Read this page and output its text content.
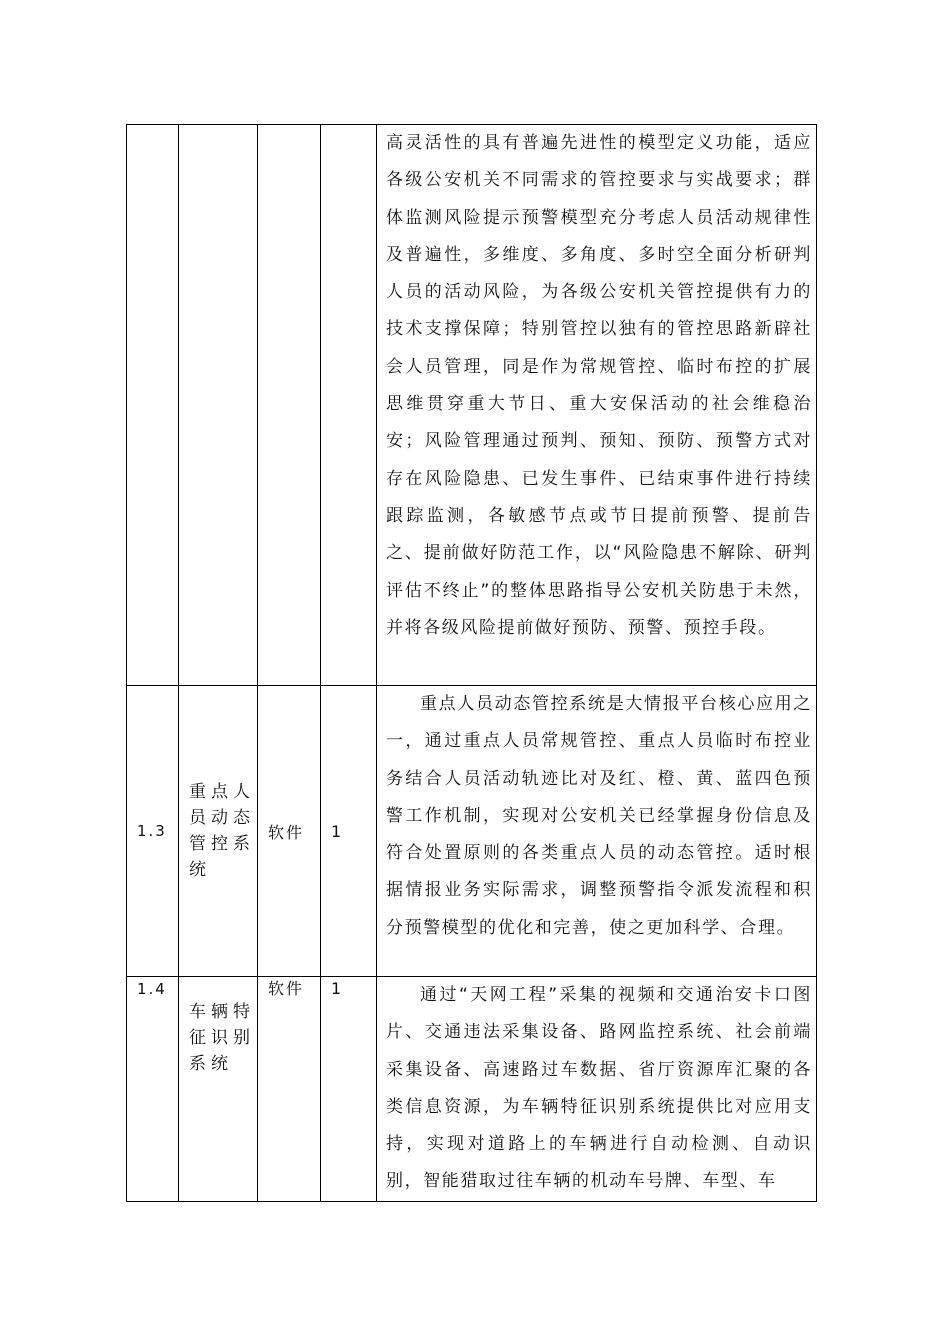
				高灵活性的具有普遍先进性的模型定义功能，适应各级公安机关不同需求的管控要求与实战要求；群体监测风险提示预警模型充分考虑人员活动规律性及普遍性，多维度、多角度、多时空全面分析研判人员的活动风险，为各级公安机关管控提供有力的技术支撑保障；特别管控以独有的管控思路新辟社会人员管理，同是作为常规管控、临时布控的扩展思维贯穿重大节日、重大安保活动的社会维稳治安；风险管理通过预判、预知、预防、预警方式对存在风险隐患、已发生事件、已结束事件进行持续跟踪监测，各敏感节点或节日提前预警、提前告之、提前做好防范工作，以“风险隐患不解除、研判评估不终止”的整体思路指导公安机关防患于未然，并将各级风险提前做好预防、预警、预控手段。

1.3	重点人员动态管控系统	软件	1	重点人员动态管控系统是大情报平台核心应用之一，通过重点人员常规管控、重点人员临时布控业务结合人员活动轨迹比对及红、橙、黄、蓝四色预警工作机制，实现对公安机关已经掌握身份信息及符合处置原则的各类重点人员的动态管控。适时根据情报业务实际需求，调整预警指令派发流程和积分预警模型的优化和完善，使之更加科学、合理。

1.4	车辆特征识别系统	软件	1	通过“天网工程”采集的视频和交通治安卡口图片、交通违法采集设备、路网监控系统、社会前端采集设备、高速路过车数据、省厅资源库汇聚的各类信息资源，为车辆特征识别系统提供比对应用支持，实现对道路上的车辆进行自动检测、自动识别，智能猎取过往车辆的机动车号牌、车型、车
